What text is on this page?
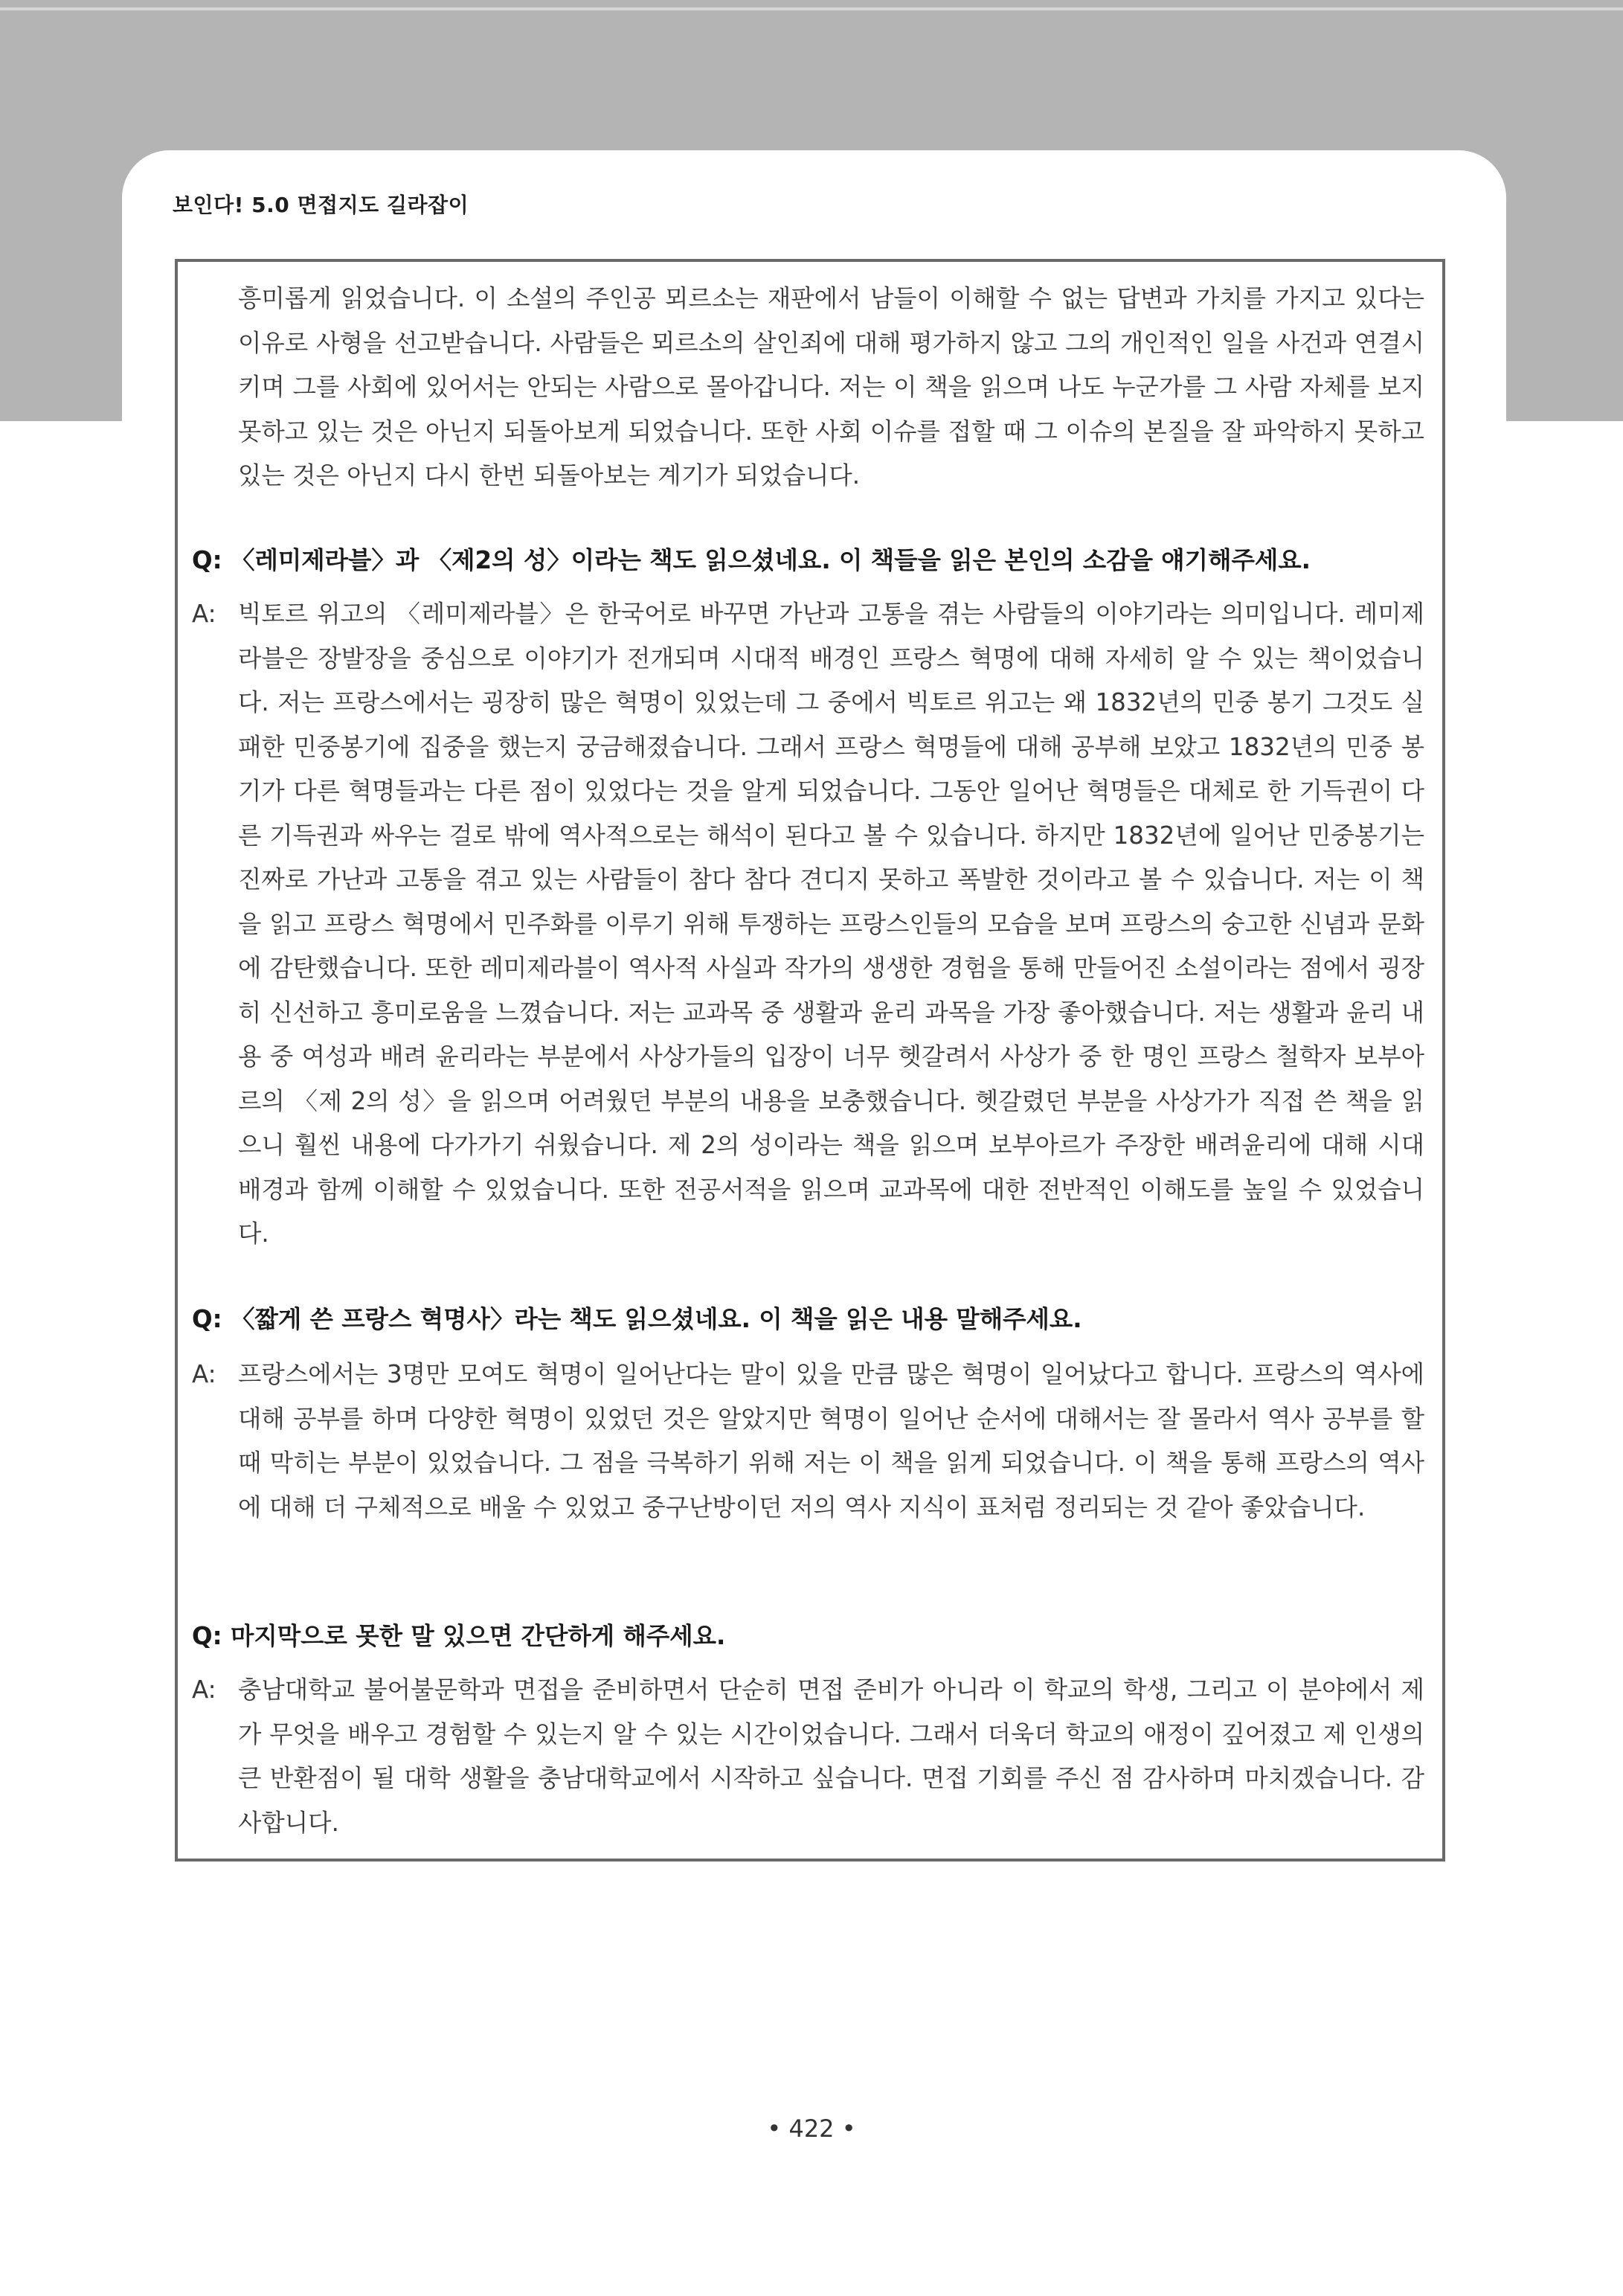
보인다! 5.0 면접지도 길라잡이

흥미롭게 읽었습니다. 이 소설의 주인공 뫼르소는 재판에서 남들이 이해할 수 없는 답변과 가치를 가지고 있다는 이유로 사형을 선고받습니다. 사람들은 뫼르소의 살인죄에 대해 평가하지 않고 그의 개인적인 일을 사건과 연결시키며 그를 사회에 있어서는 안되는 사람으로 몰아갑니다. 저는 이 책을 읽으며 나도 누군가를 그 사람 자체를 보지 못하고 있는 것은 아닌지 되돌아보게 되었습니다. 또한 사회 이슈를 접할 때 그 이슈의 본질을 잘 파악하지 못하고 있는 것은 아닌지 다시 한번 되돌아보는 계기가 되었습니다.

Q: 〈레미제라블〉과 〈제2의 성〉이라는 책도 읽으셨네요. 이 책들을 읽은 본인의 소감을 얘기해주세요.

A: 빅토르 위고의 〈레미제라블〉은 한국어로 바꾸면 가난과 고통을 겪는 사람들의 이야기라는 의미입니다. 레미제라블은 장발장을 중심으로 이야기가 전개되며 시대적 배경인 프랑스 혁명에 대해 자세히 알 수 있는 책이었습니다. 저는 프랑스에서는 굉장히 많은 혁명이 있었는데 그 중에서 빅토르 위고는 왜 1832년의 민중 봉기 그것도 실패한 민중봉기에 집중을 했는지 궁금해졌습니다. 그래서 프랑스 혁명들에 대해 공부해 보았고 1832년의 민중 봉기가 다른 혁명들과는 다른 점이 있었다는 것을 알게 되었습니다. 그동안 일어난 혁명들은 대체로 한 기득권이 다른 기득권과 싸우는 걸로 밖에 역사적으로는 해석이 된다고 볼 수 있습니다. 하지만 1832년에 일어난 민중봉기는 진짜로 가난과 고통을 겪고 있는 사람들이 참다 참다 견디지 못하고 폭발한 것이라고 볼 수 있습니다. 저는 이 책을 읽고 프랑스 혁명에서 민주화를 이루기 위해 투쟁하는 프랑스인들의 모습을 보며 프랑스의 숭고한 신념과 문화에 감탄했습니다. 또한 레미제라블이 역사적 사실과 작가의 생생한 경험을 통해 만들어진 소설이라는 점에서 굉장히 신선하고 흥미로움을 느꼈습니다. 저는 교과목 중 생활과 윤리 과목을 가장 좋아했습니다. 저는 생활과 윤리 내용 중 여성과 배려 윤리라는 부분에서 사상가들의 입장이 너무 헷갈려서 사상가 중 한 명인 프랑스 철학자 보부아르의 〈제 2의 성〉을 읽으며 어려웠던 부분의 내용을 보충했습니다. 헷갈렸던 부분을 사상가가 직접 쓴 책을 읽으니 훨씬 내용에 다가가기 쉬웠습니다. 제 2의 성이라는 책을 읽으며 보부아르가 주장한 배려윤리에 대해 시대 배경과 함께 이해할 수 있었습니다. 또한 전공서적을 읽으며 교과목에 대한 전반적인 이해도를 높일 수 있었습니다.

Q: 〈짧게 쓴 프랑스 혁명사〉라는 책도 읽으셨네요. 이 책을 읽은 내용 말해주세요.

A: 프랑스에서는 3명만 모여도 혁명이 일어난다는 말이 있을 만큼 많은 혁명이 일어났다고 합니다. 프랑스의 역사에 대해 공부를 하며 다양한 혁명이 있었던 것은 알았지만 혁명이 일어난 순서에 대해서는 잘 몰라서 역사 공부를 할 때 막히는 부분이 있었습니다. 그 점을 극복하기 위해 저는 이 책을 읽게 되었습니다. 이 책을 통해 프랑스의 역사에 대해 더 구체적으로 배울 수 있었고 중구난방이던 저의 역사 지식이 표처럼 정리되는 것 같아 좋았습니다.

Q: 마지막으로 못한 말 있으면 간단하게 해주세요.

A: 충남대학교 불어불문학과 면접을 준비하면서 단순히 면접 준비가 아니라 이 학교의 학생, 그리고 이 분야에서 제가 무엇을 배우고 경험할 수 있는지 알 수 있는 시간이었습니다. 그래서 더욱더 학교의 애정이 깊어졌고 제 인생의 큰 반환점이 될 대학 생활을 충남대학교에서 시작하고 싶습니다. 면접 기회를 주신 점 감사하며 마치겠습니다. 감사합니다.

• 422 •
